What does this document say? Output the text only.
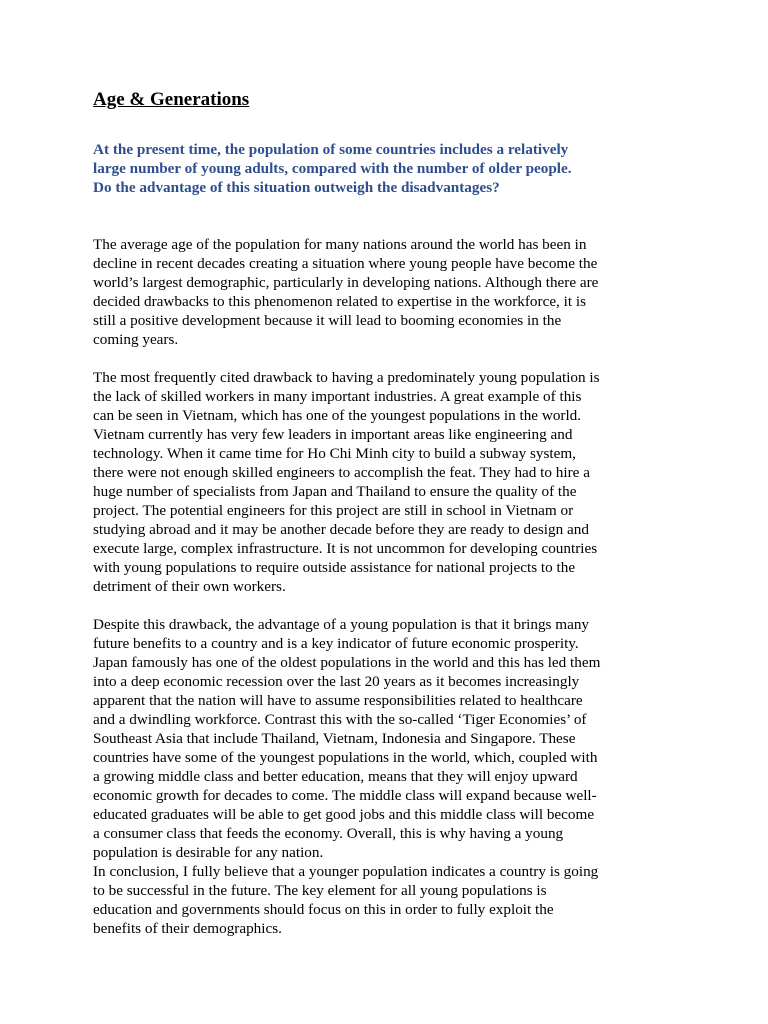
Age & Generations
At the present time, the population of some countries includes a relatively
large number of young adults, compared with the number of older people.
Do the advantage of this situation outweigh the disadvantages?
The average age of the population for many nations around the world has been in
decline in recent decades creating a situation where young people have become the
world’s largest demographic, particularly in developing nations. Although there are
decided drawbacks to this phenomenon related to expertise in the workforce, it is
still a positive development because it will lead to booming economies in the
coming years.
The most frequently cited drawback to having a predominately young population is
the lack of skilled workers in many important industries. A great example of this
can be seen in Vietnam, which has one of the youngest populations in the world.
Vietnam currently has very few leaders in important areas like engineering and
technology. When it came time for Ho Chi Minh city to build a subway system,
there were not enough skilled engineers to accomplish the feat. They had to hire a
huge number of specialists from Japan and Thailand to ensure the quality of the
project. The potential engineers for this project are still in school in Vietnam or
studying abroad and it may be another decade before they are ready to design and
execute large, complex infrastructure. It is not uncommon for developing countries
with young populations to require outside assistance for national projects to the
detriment of their own workers.
Despite this drawback, the advantage of a young population is that it brings many
future benefits to a country and is a key indicator of future economic prosperity.
Japan famously has one of the oldest populations in the world and this has led them
into a deep economic recession over the last 20 years as it becomes increasingly
apparent that the nation will have to assume responsibilities related to healthcare
and a dwindling workforce. Contrast this with the so-called ‘Tiger Economies’ of
Southeast Asia that include Thailand, Vietnam, Indonesia and Singapore. These
countries have some of the youngest populations in the world, which, coupled with
a growing middle class and better education, means that they will enjoy upward
economic growth for decades to come. The middle class will expand because well-
educated graduates will be able to get good jobs and this middle class will become
a consumer class that feeds the economy. Overall, this is why having a young
population is desirable for any nation.
In conclusion, I fully believe that a younger population indicates a country is going
to be successful in the future. The key element for all young populations is
education and governments should focus on this in order to fully exploit the
benefits of their demographics.
